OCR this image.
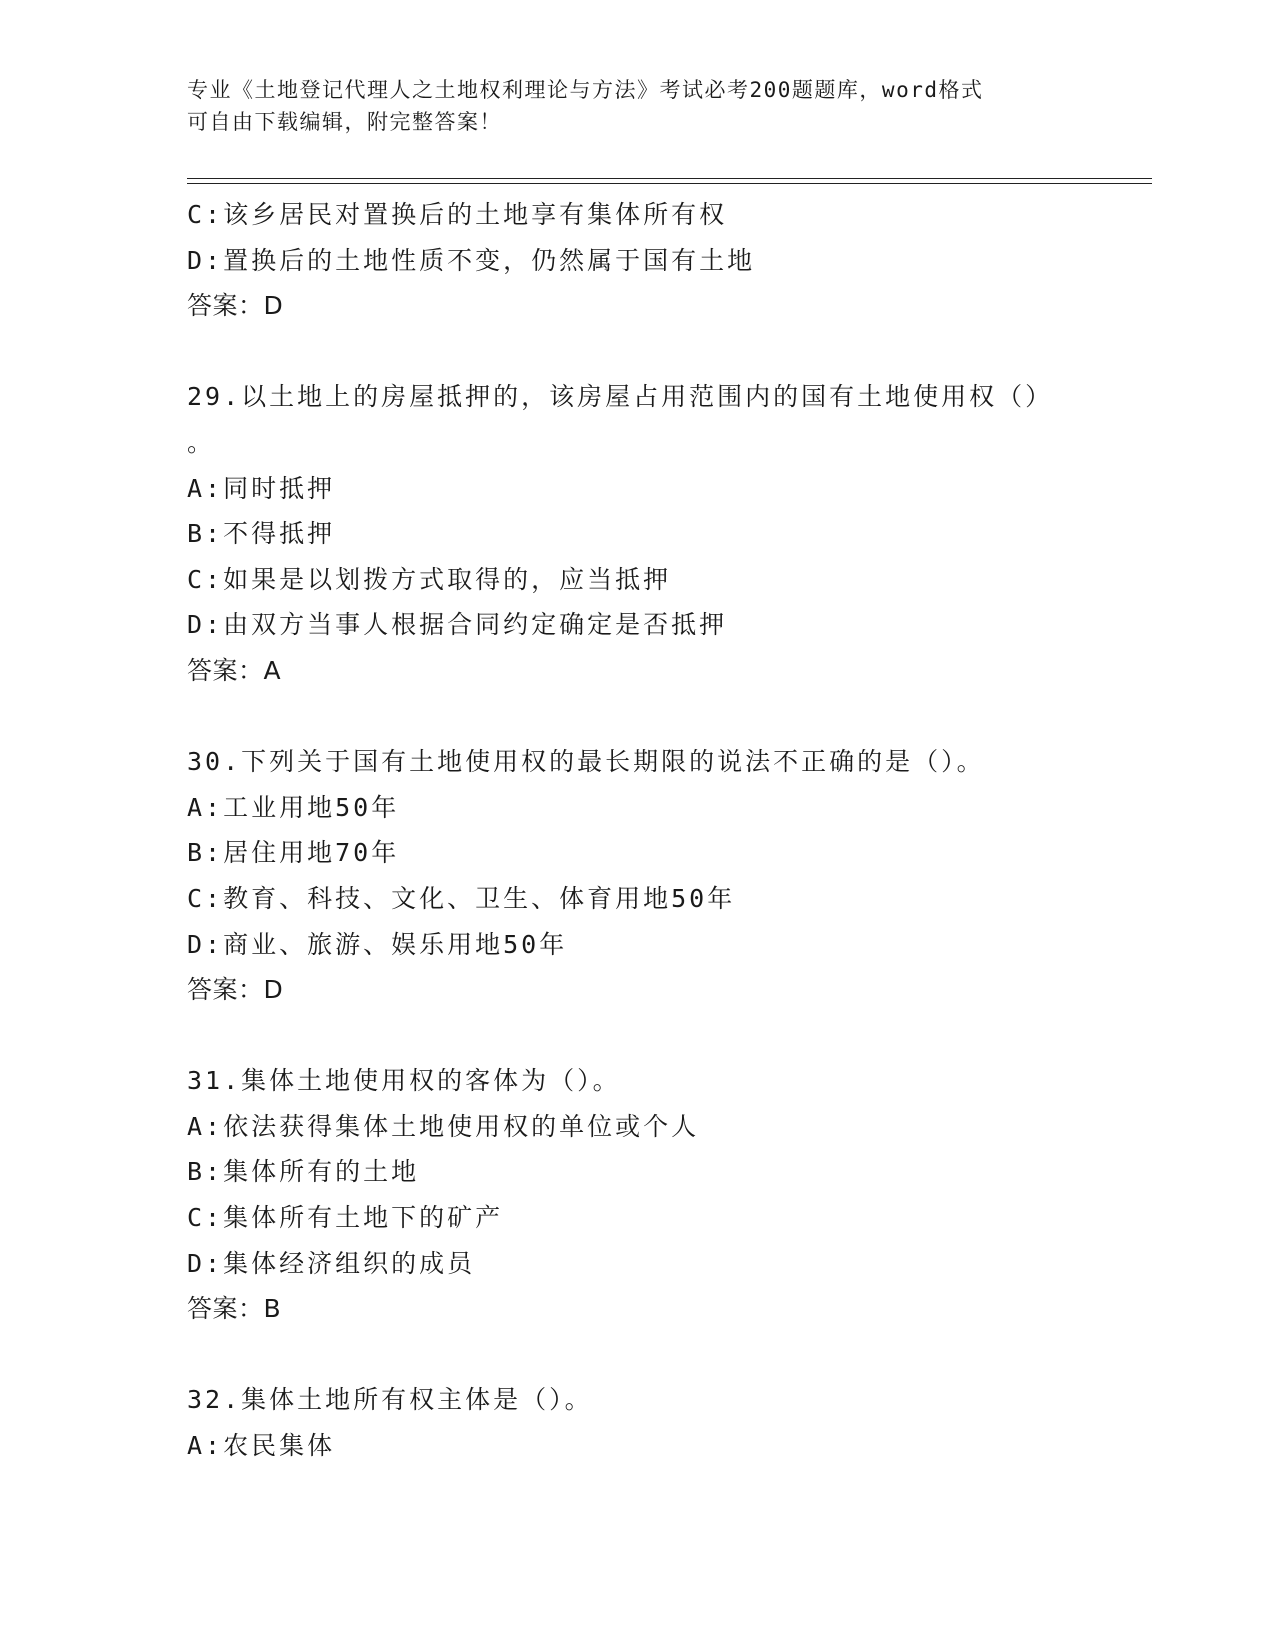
专业《土地登记代理人之土地权利理论与方法》考试必考200题题库，word格式
可自由下载编辑，附完整答案！
C:该乡居民对置换后的土地享有集体所有权
D:置换后的土地性质不变，仍然属于国有土地
答案：D
29.以土地上的房屋抵押的，该房屋占用范围内的国有土地使用权（）
。
A:同时抵押
B:不得抵押
C:如果是以划拨方式取得的，应当抵押
D:由双方当事人根据合同约定确定是否抵押
答案：A
30.下列关于国有土地使用权的最长期限的说法不正确的是（）。
A:工业用地50年
B:居住用地70年
C:教育、科技、文化、卫生、体育用地50年
D:商业、旅游、娱乐用地50年
答案：D
31.集体土地使用权的客体为（）。
A:依法获得集体土地使用权的单位或个人
B:集体所有的土地
C:集体所有土地下的矿产
D:集体经济组织的成员
答案：B
32.集体土地所有权主体是（）。
A:农民集体
